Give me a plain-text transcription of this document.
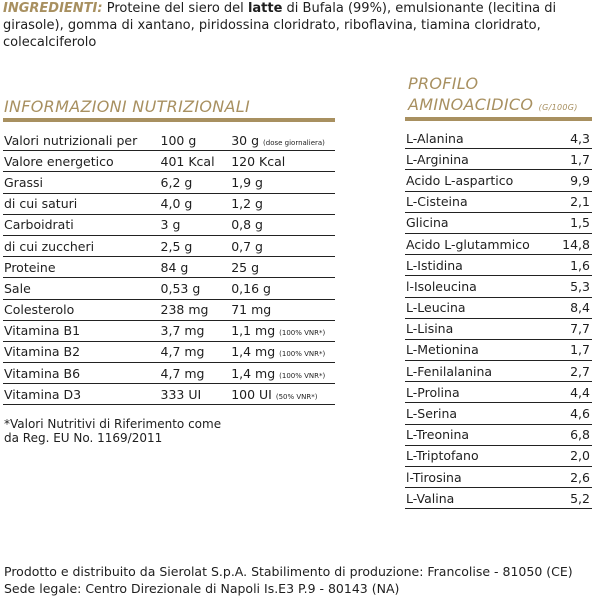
INGREDIENTI: Proteine del siero del latte di Bufala (99%), emulsionante (lecitina di girasole), gomma di xantano, piridossina cloridrato, riboflavina, tiamina cloridrato, colecalciferolo
INFORMAZIONI NUTRIZIONALI
Valori nutrizionali per	100 g	30 g (dose giornaliera)
Valore energetico	401 Kcal	120 Kcal
Grassi	6,2 g	1,9 g
di cui saturi	4,0 g	1,2 g
Carboidrati	3 g	0,8 g
di cui zuccheri	2,5 g	0,7 g
Proteine	84 g	25 g
Sale	0,53 g	0,16 g
Colesterolo	238 mg	71 mg
Vitamina B1	3,7 mg	1,1 mg (100% VNR*)
Vitamina B2	4,7 mg	1,4 mg (100% VNR*)
Vitamina B6	4,7 mg	1,4 mg (100% VNR*)
Vitamina D3	333 UI	100 UI (50% VNR*)
*Valori Nutritivi di Riferimento come
da Reg. EU No. 1169/2011
PROFILO
AMINOACIDICO (G/100G)
L-Alanina	4,3
L-Arginina	1,7
Acido L-aspartico	9,9
L-Cisteina	2,1
Glicina	1,5
Acido L-glutammico	14,8
L-Istidina	1,6
l-Isoleucina	5,3
L-Leucina	8,4
L-Lisina	7,7
L-Metionina	1,7
L-Fenilalanina	2,7
L-Prolina	4,4
L-Serina	4,6
L-Treonina	6,8
L-Triptofano	2,0
l-Tirosina	2,6
L-Valina	5,2
Prodotto e distribuito da Sierolat S.p.A. Stabilimento di produzione: Francolise - 81050 (CE)
Sede legale: Centro Direzionale di Napoli Is.E3 P.9 - 80143 (NA)
